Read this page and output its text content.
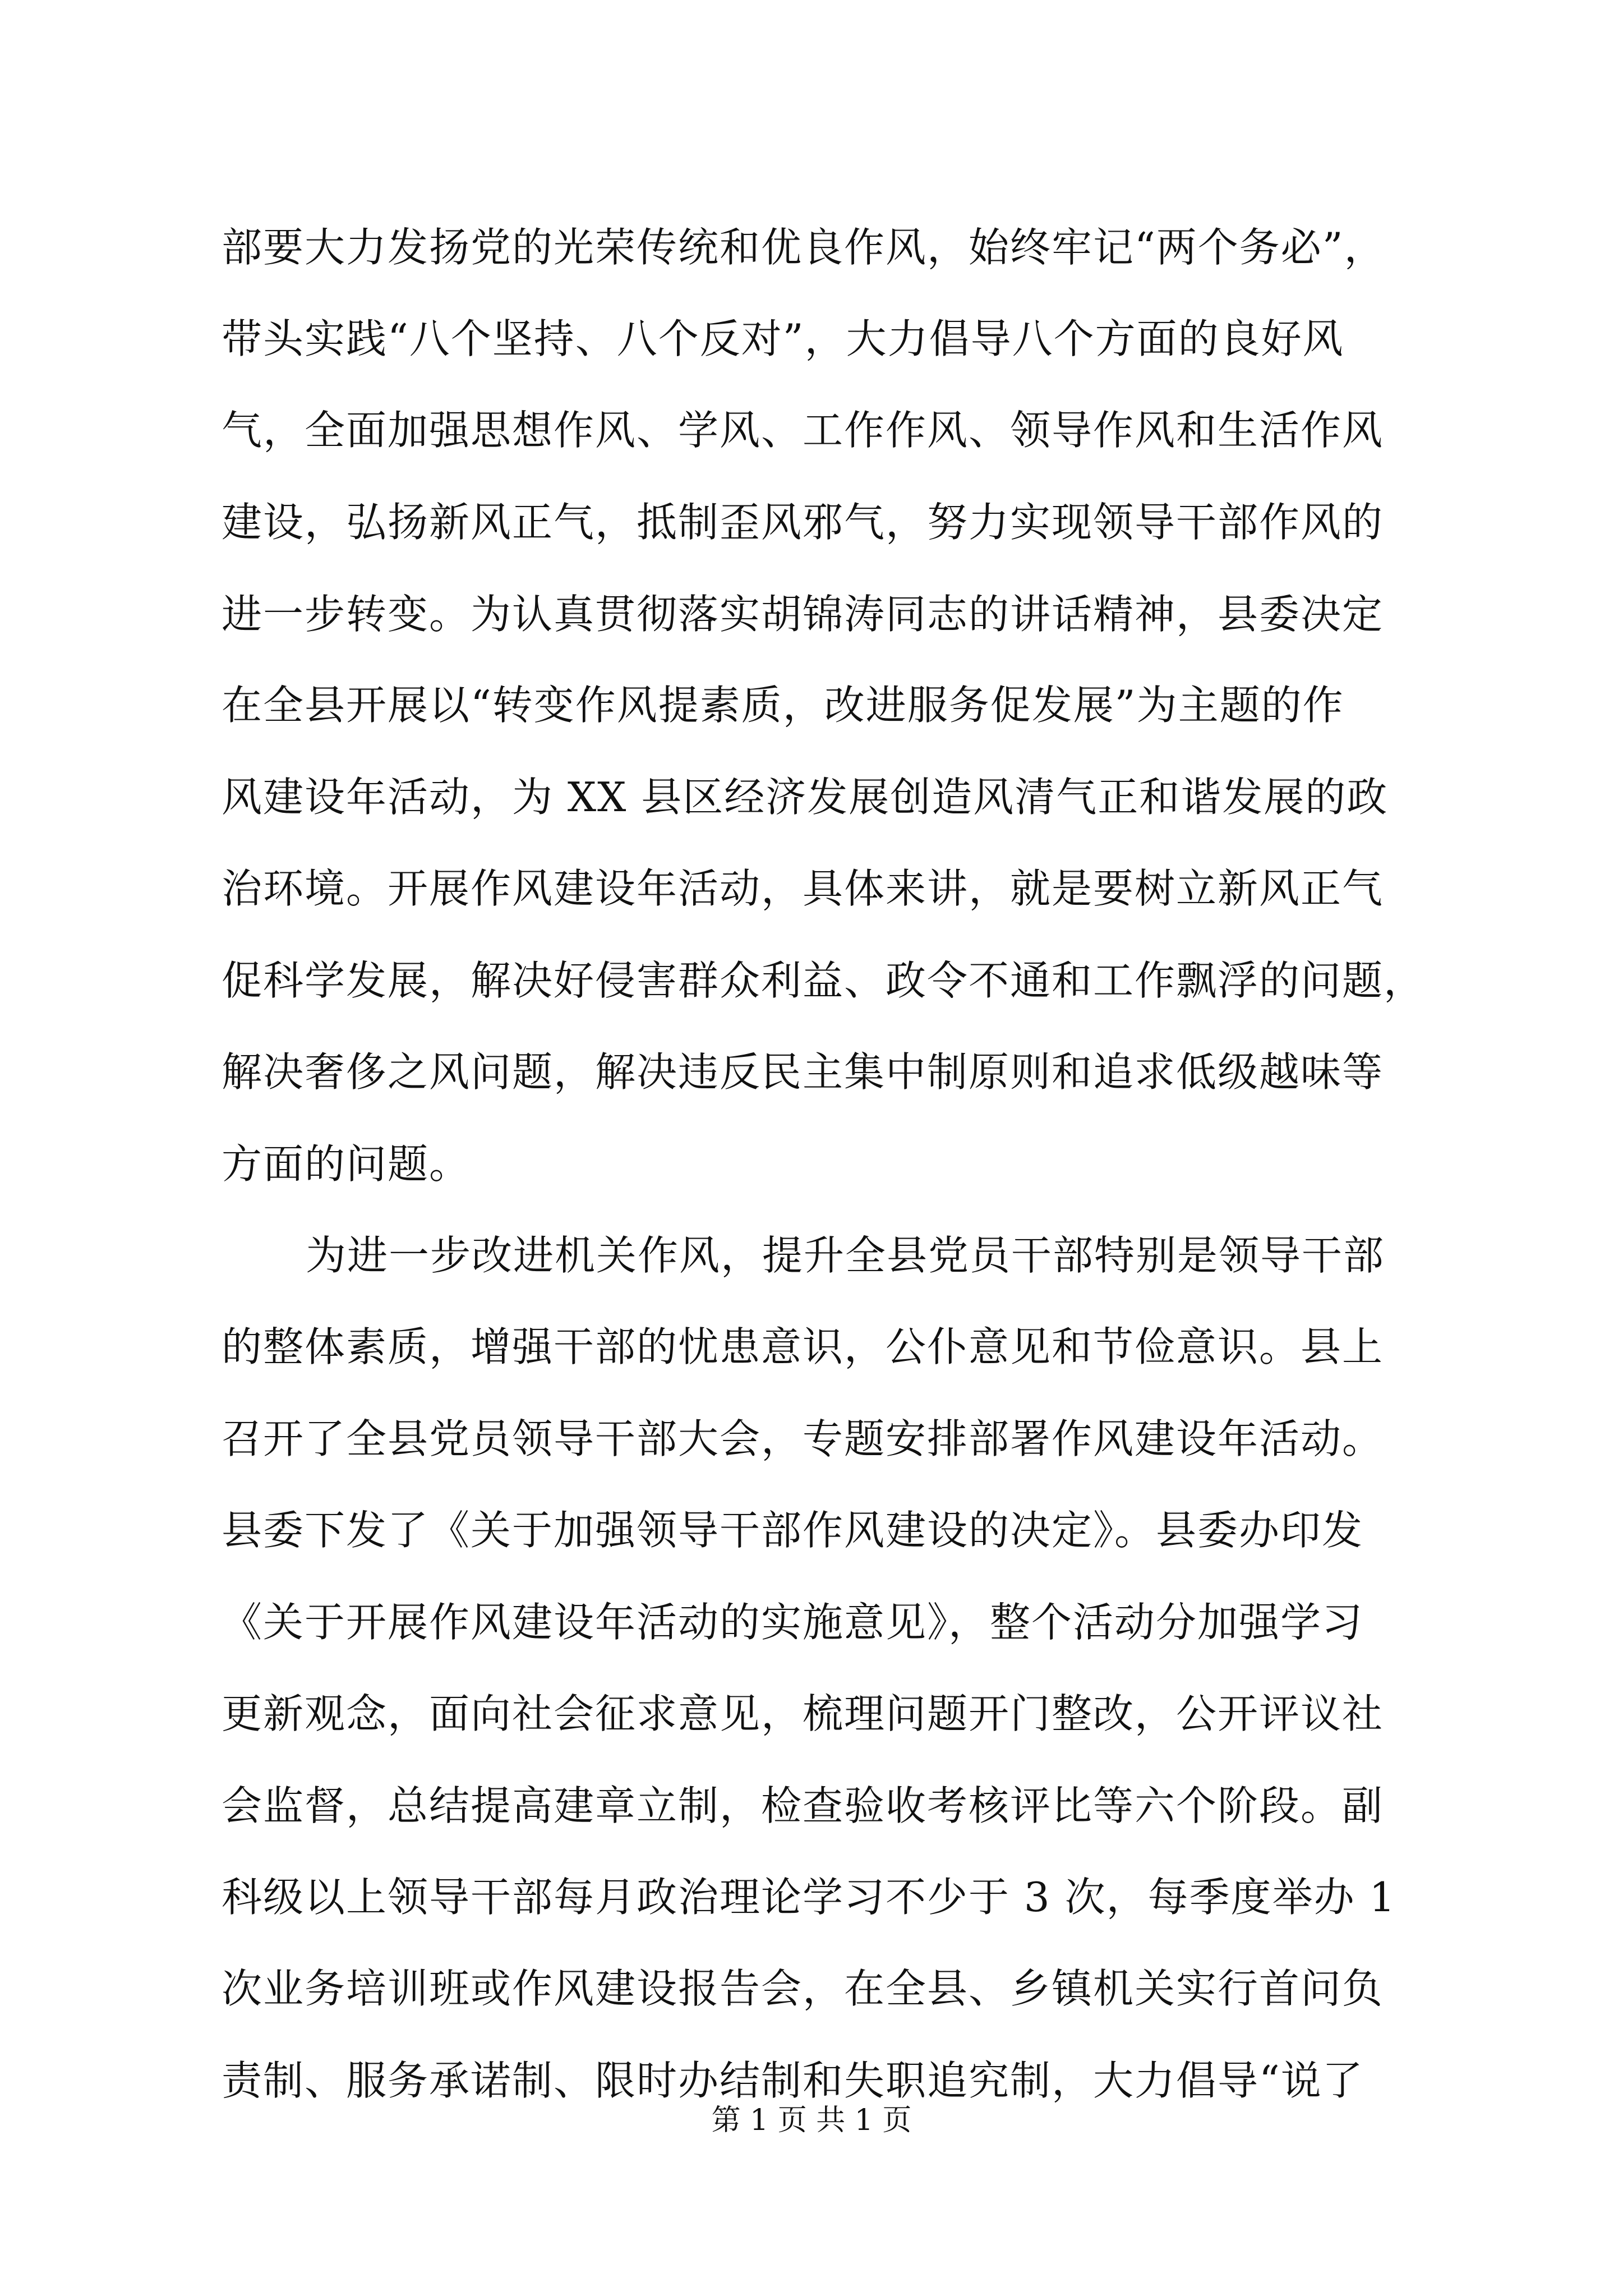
部要大力发扬党的光荣传统和优良作风，始终牢记“两个务必”，
带头实践“八个坚持、八个反对”，大力倡导八个方面的良好风
气，全面加强思想作风、学风、工作作风、领导作风和生活作风
建设，弘扬新风正气，抵制歪风邪气，努力实现领导干部作风的
进一步转变。为认真贯彻落实胡锦涛同志的讲话精神，县委决定
在全县开展以“转变作风提素质，改进服务促发展”为主题的作
风建设年活动，为 XX 县区经济发展创造风清气正和谐发展的政
治环境。开展作风建设年活动，具体来讲，就是要树立新风正气
促科学发展，解决好侵害群众利益、政令不通和工作飘浮的问题，
解决奢侈之风问题，解决违反民主集中制原则和追求低级越味等
方面的问题。
为进一步改进机关作风，提升全县党员干部特别是领导干部
的整体素质，增强干部的忧患意识，公仆意见和节俭意识。县上
召开了全县党员领导干部大会，专题安排部署作风建设年活动。
县委下发了《关于加强领导干部作风建设的决定》。县委办印发
《关于开展作风建设年活动的实施意见》，整个活动分加强学习
更新观念，面向社会征求意见，梳理问题开门整改，公开评议社
会监督，总结提高建章立制，检查验收考核评比等六个阶段。副
科级以上领导干部每月政治理论学习不少于 3 次，每季度举办 1
次业务培训班或作风建设报告会，在全县、乡镇机关实行首问负
责制、服务承诺制、限时办结制和失职追究制，大力倡导“说了
第 1 页 共 1 页
